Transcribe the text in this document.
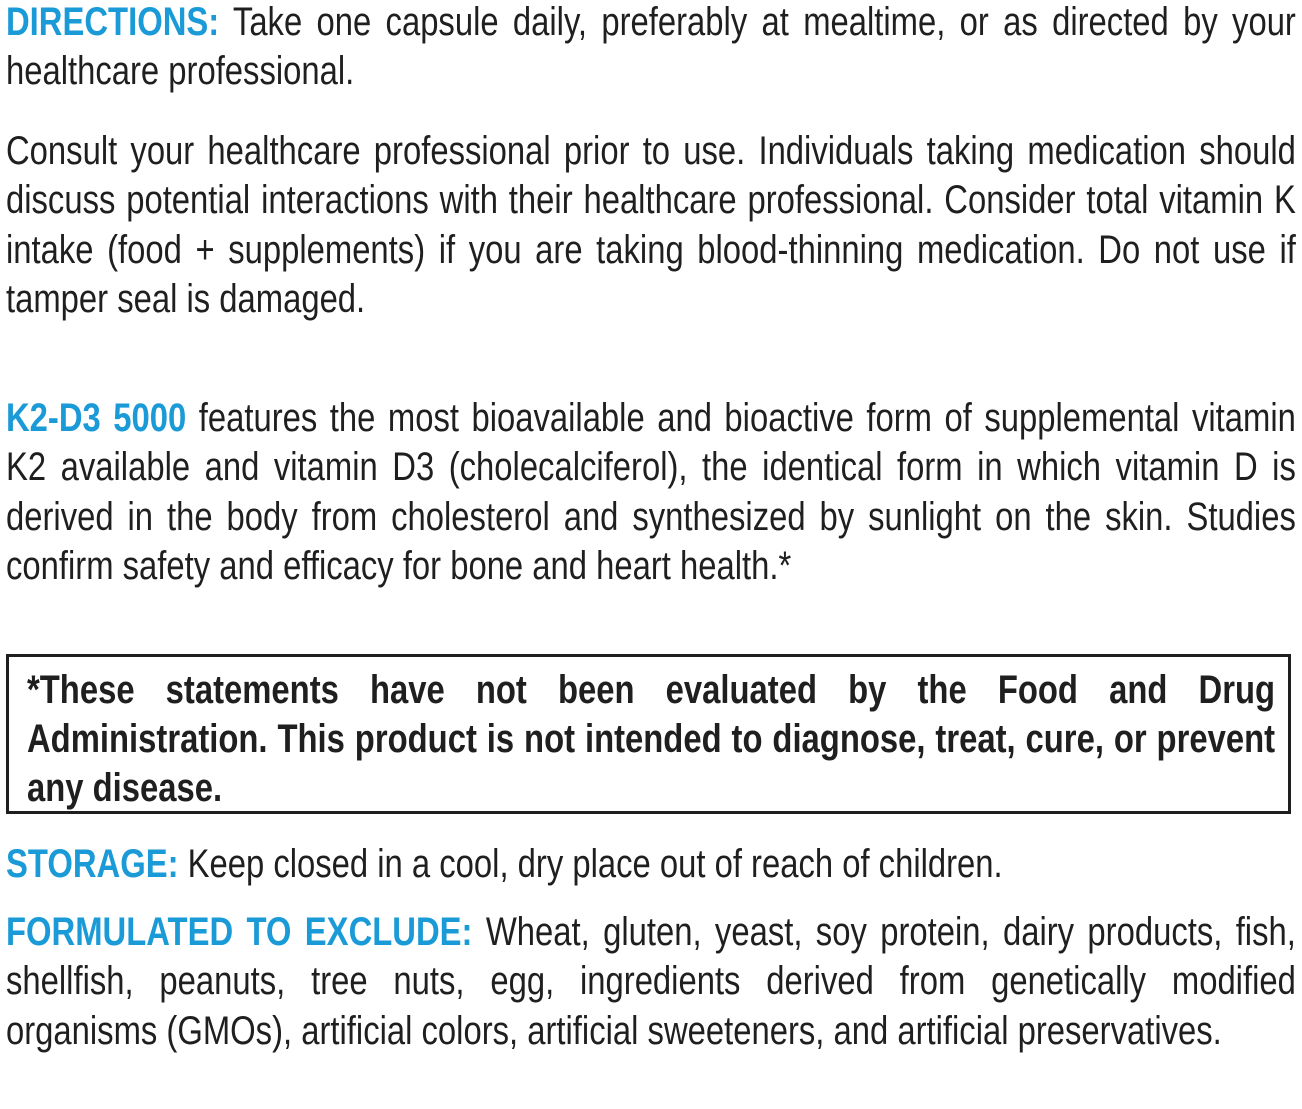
DIRECTIONS: Take one capsule daily, preferably at mealtime, or as directed by your healthcare professional.

Consult your healthcare professional prior to use. Individuals taking medication should discuss potential interactions with their healthcare professional. Consider total vitamin K intake (food + supplements) if you are taking blood-thinning medication. Do not use if tamper seal is damaged.

K2-D3 5000 features the most bioavailable and bioactive form of supplemental vitamin K2 available and vitamin D3 (cholecalciferol), the identical form in which vitamin D is derived in the body from cholesterol and synthesized by sunlight on the skin. Studies confirm safety and efficacy for bone and heart health.*

*These statements have not been evaluated by the Food and Drug Administration. This product is not intended to diagnose, treat, cure, or prevent any disease.

STORAGE: Keep closed in a cool, dry place out of reach of children.

FORMULATED TO EXCLUDE: Wheat, gluten, yeast, soy protein, dairy products, fish, shellfish, peanuts, tree nuts, egg, ingredients derived from genetically modified organisms (GMOs), artificial colors, artificial sweeteners, and artificial preservatives.
